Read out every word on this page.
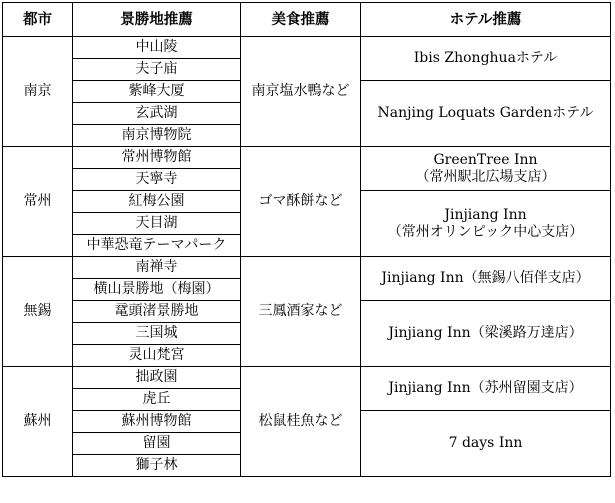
都市	景勝地推薦	美食推薦	ホテル推薦
南京	中山陵	南京塩水鴨など	Ibis Zhonghuaホテル

	夫子庙		
	紫峰大厦		Nanjing Loquats Gardenホテル

	玄武湖		
	南京博物院		
常州	常州博物館	ゴマ酥餅など	GreenTree Inn
（常州駅北広場支店）

	天寧寺		
	紅梅公園		Jinjiang Inn
（常州オリンピック中心支店）

	天目湖		
	中華恐竜テーマパーク		
無錫	南禅寺	三鳳酒家など	Jinjiang Inn（無錫八佰伴支店）

	横山景勝地（梅園）		
	鼋頭渚景勝地		Jinjiang Inn（梁溪路万達店）

	三国城		
	灵山梵宮		
蘇州	拙政園	松鼠桂魚など	Jinjiang Inn（苏州留園支店）

	虎丘		
	蘇州博物館		7 days Inn

	留園		
	獅子林		
